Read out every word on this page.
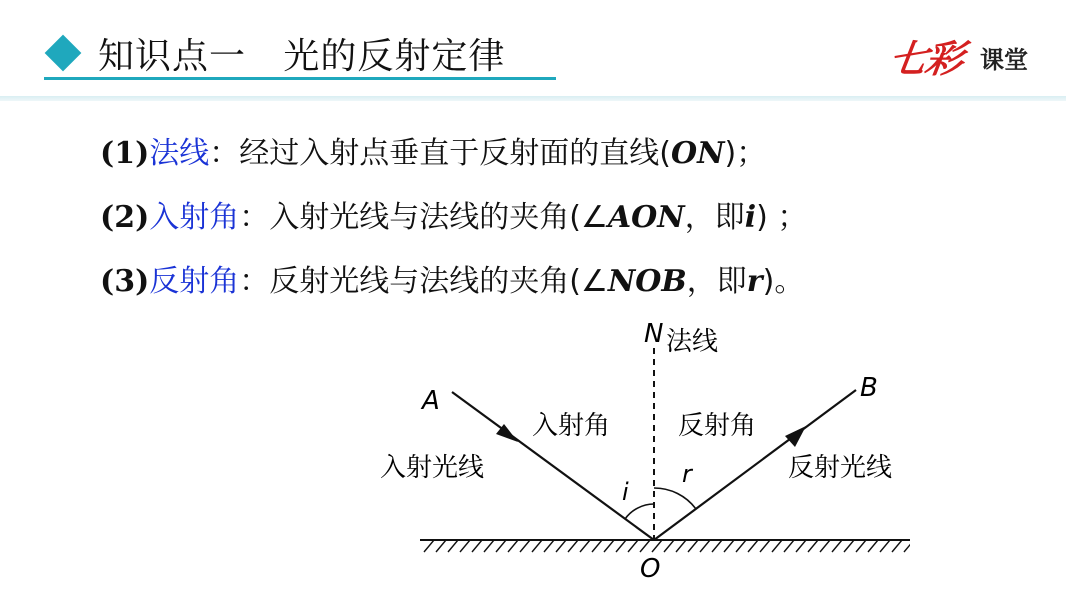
知识点一 光的反射定律	七彩 课堂
(1)法线：经过入射点垂直于反射面的直线(ON)；
(2)入射角：入射光线与法线的夹角(∠AON，即i) ；
(3)反射角：反射光线与法线的夹角(∠NOB，即r)。
N 法线
A	B
O
i
r
入射角	反射角
入射光线	反射光线
